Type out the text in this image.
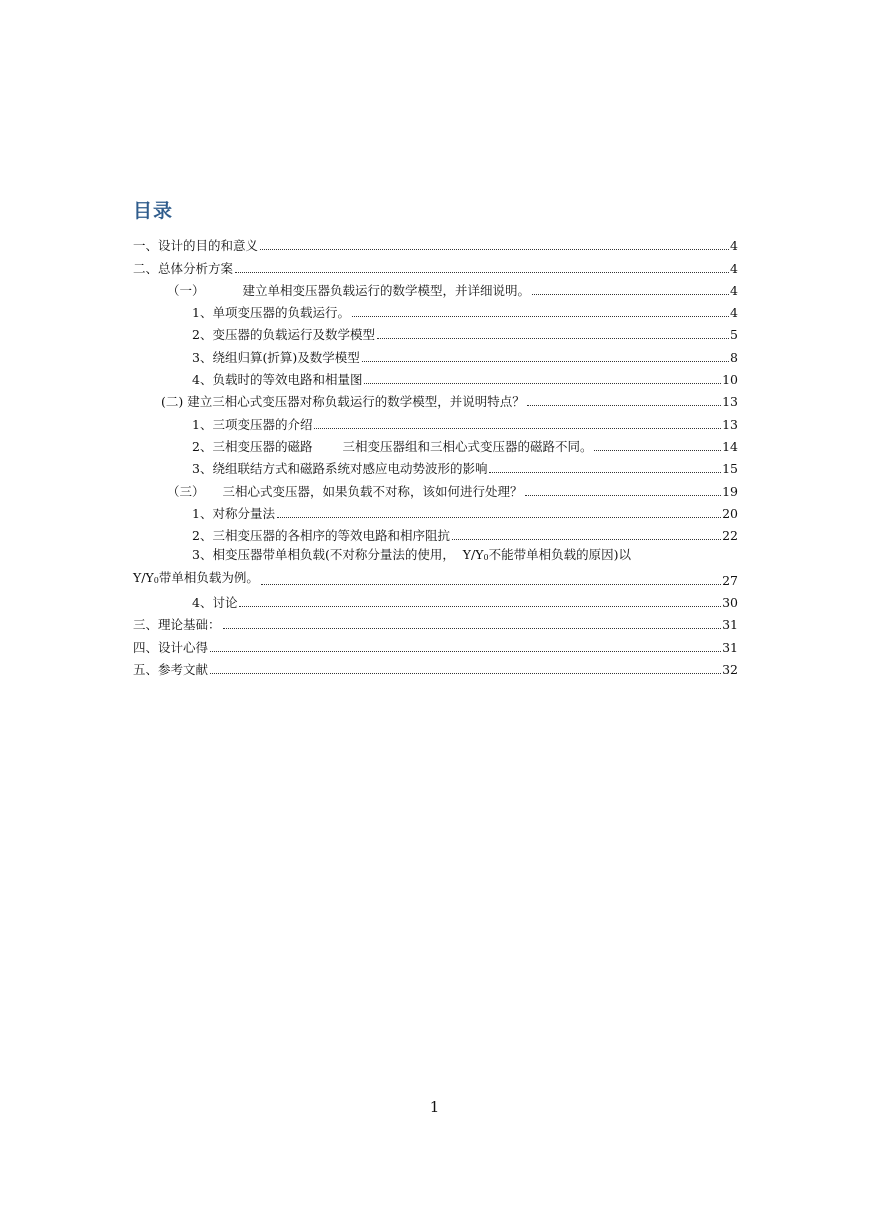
目录
一、设计的目的和意义	4
二、总体分析方案	4
（一）	建立单相变压器负载运行的数学模型，并详细说明。	4
1、单项变压器的负载运行。	4
2、变压器的负载运行及数学模型	5
3、绕组归算(折算)及数学模型	8
4、负载时的等效电路和相量图	10
(二) 建立三相心式变压器对称负载运行的数学模型，并说明特点？	13
1、三项变压器的介绍	13
2、三相变压器的磁路 三相变压器组和三相心式变压器的磁路不同。	14
3、绕组联结方式和磁路系统对感应电动势波形的影响	15
（三） 三相心式变压器，如果负载不对称，该如何进行处理？	19
1、对称分量法	20
2、三相变压器的各相序的等效电路和相序阻抗	22
3、相变压器带单相负载(不对称分量法的使用， Y/Y0不能带单相负载的原因)以
Y/Y0带单相负载为例。	27
4、讨论	30
三、理论基础：	31
四、设计心得	31
五、参考文献	32
1
